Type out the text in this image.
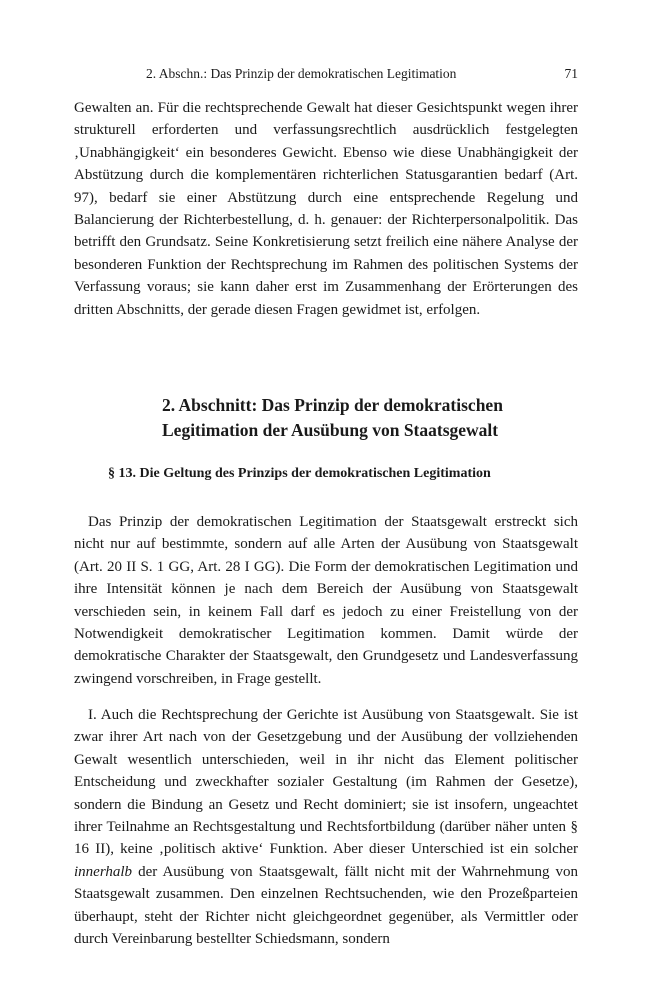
2. Abschn.: Das Prinzip der demokratischen Legitimation	71

Gewalten an. Für die rechtsprechende Gewalt hat dieser Gesichtspunkt wegen ihrer strukturell erforderten und verfassungsrechtlich ausdrücklich festgelegten ‚Unabhängigkeit‘ ein besonderes Gewicht. Ebenso wie diese Unabhängigkeit der Abstützung durch die komplementären richterlichen Statusgarantien bedarf (Art. 97), bedarf sie einer Abstützung durch eine entsprechende Regelung und Balancierung der Richterbestellung, d. h. genauer: der Richterpersonalpolitik. Das betrifft den Grundsatz. Seine Konkretisierung setzt freilich eine nähere Analyse der besonderen Funktion der Rechtsprechung im Rahmen des politischen Systems der Verfassung voraus; sie kann daher erst im Zusammenhang der Erörterungen des dritten Abschnitts, der gerade diesen Fragen gewidmet ist, erfolgen.

2. Abschnitt: Das Prinzip der demokratischen
Legitimation der Ausübung von Staatsgewalt
§ 13. Die Geltung des Prinzips der demokratischen Legitimation

Das Prinzip der demokratischen Legitimation der Staatsgewalt erstreckt sich nicht nur auf bestimmte, sondern auf alle Arten der Ausübung von Staatsgewalt (Art. 20 II S. 1 GG, Art. 28 I GG). Die Form der demokratischen Legitimation und ihre Intensität können je nach dem Bereich der Ausübung von Staatsgewalt verschieden sein, in keinem Fall darf es jedoch zu einer Freistellung von der Notwendigkeit demokratischer Legitimation kommen. Damit würde der demokratische Charakter der Staatsgewalt, den Grundgesetz und Landesverfassung zwingend vorschreiben, in Frage gestellt.

I. Auch die Rechtsprechung der Gerichte ist Ausübung von Staatsgewalt. Sie ist zwar ihrer Art nach von der Gesetzgebung und der Ausübung der vollziehenden Gewalt wesentlich unterschieden, weil in ihr nicht das Element politischer Entscheidung und zweckhafter sozialer Gestaltung (im Rahmen der Gesetze), sondern die Bindung an Gesetz und Recht dominiert; sie ist insofern, ungeachtet ihrer Teilnahme an Rechtsgestaltung und Rechtsfortbildung (darüber näher unten § 16 II), keine ‚politisch aktive‘ Funktion. Aber dieser Unterschied ist ein solcher innerhalb der Ausübung von Staatsgewalt, fällt nicht mit der Wahrnehmung von Staatsgewalt zusammen. Den einzelnen Rechtsuchenden, wie den Prozeßparteien überhaupt, steht der Richter nicht gleichgeordnet gegenüber, als Vermittler oder durch Vereinbarung bestellter Schiedsmann, sondern
